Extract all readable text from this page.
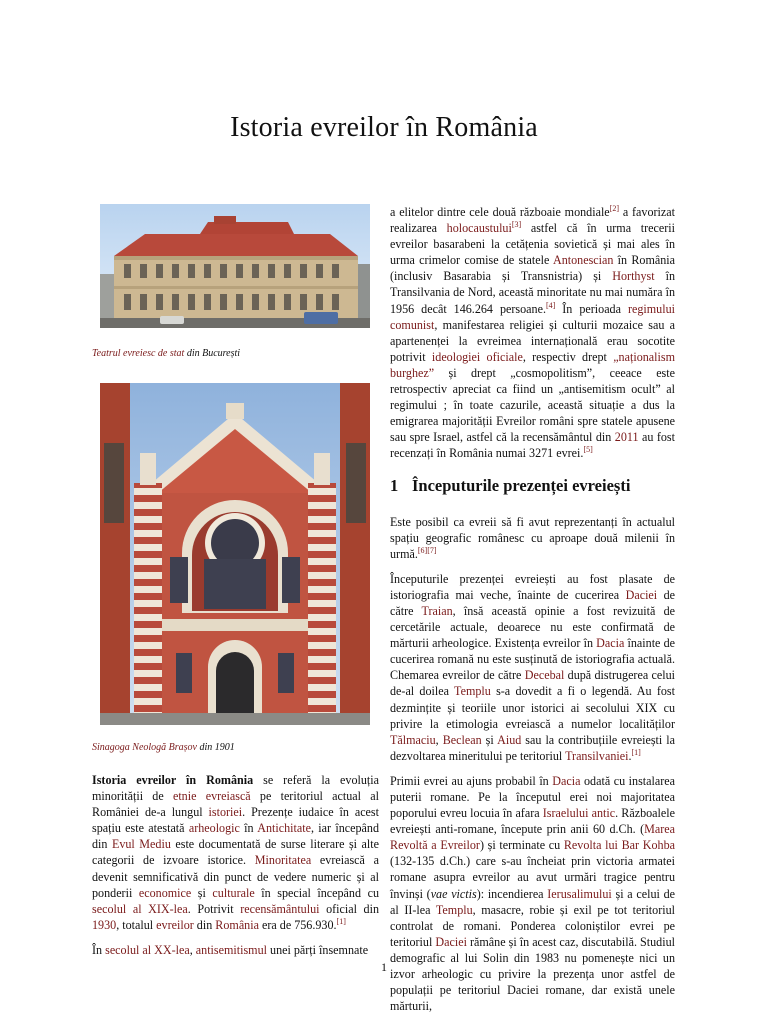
Istoria evreilor în România
Teatrul evreiesc de stat din București
Sinagoga Neologă Brașov din 1901

Istoria evreilor în România se referă la evoluția minorității de etnie evreiască pe teritoriul actual al României de-a lungul istoriei. Prezențe iudaice în acest spațiu este atestată arheologic în Antichitate, iar începând din Evul Mediu este documentată de surse literare și alte categorii de izvoare istorice. Minoritatea evreiască a devenit semnificativă din punct de vedere numeric și al ponderii economice și culturale în special începând cu secolul al XIX-lea. Potrivit recensământului oficial din 1930, totalul evreilor din România era de 756.930.[1]

În secolul al XX-lea, antisemitismul unei părți însemnate

a elitelor dintre cele două războaie mondiale[2] a favorizat realizarea holocaustului[3] astfel că în urma trecerii evreilor basarabeni la cetățenia sovietică și mai ales în urma crimelor comise de statele Antonescian în România (inclusiv Basarabia și Transnistria) și Horthyst în Transilvania de Nord, această minoritate nu mai număra în 1956 decât 146.264 persoane.[4] În perioada regimului comunist, manifestarea religiei și culturii mozaice sau a apartenenței la evreimea internațională erau socotite potrivit ideologiei oficiale, respectiv drept „naționalism burghez” și drept „cosmopolitism”, ceeace este retrospectiv apreciat ca fiind un „antisemitism ocult” al regimului ; în toate cazurile, această situație a dus la emigrarea majorității Evreilor români spre statele apusene sau spre Israel, astfel că la recensământul din 2011 au fost recenzați în România numai 3271 evrei.[5]

1 Începuturile prezenței evreiești

Este posibil ca evreii să fi avut reprezentanți în actualul spațiu geografic românesc cu aproape două milenii în urmă.[6][7]

Începuturile prezenței evreiești au fost plasate de istoriografia mai veche, înainte de cucerirea Daciei de către Traian, însă această opinie a fost revizuită de cercetările actuale, deoarece nu este confirmată de mărturii arheologice. Existența evreilor în Dacia înainte de cucerirea romană nu este susținută de istoriografia actuală. Chemarea evreilor de către Decebal după distrugerea celui de-al doilea Templu s-a dovedit a fi o legendă. Au fost dezmințite și teoriile unor istorici ai secolului XIX cu privire la etimologia evreiască a numelor localităților Tălmaciu, Beclean și Aiud sau la contribuțiile evreiești la dezvoltarea mineritului pe teritoriul Transilvaniei.[1]

Primii evrei au ajuns probabil în Dacia odată cu instalarea puterii romane. Pe la începutul erei noi majoritatea poporului evreu locuia în afara Israelului antic. Războalele evreiești anti-romane, începute prin anii 60 d.Ch. (Marea Revoltă a Evreilor) și terminate cu Revolta lui Bar Kohba (132-135 d.Ch.) care s-au încheiat prin victoria armatei romane asupra evreilor au avut urmări tragice pentru învinși (vae victis): incendierea Ierusalimului și a celui de al II-lea Templu, masacre, robie și exil pe tot teritoriul controlat de romani. Ponderea coloniștilor evrei pe teritoriul Daciei rămâne și în acest caz, discutabilă. Studiul demografic al lui Solin din 1983 nu pomenește nici un izvor arheologic cu privire la prezența unor astfel de populații pe teritoriul Daciei romane, dar există unele mărturii,

1
